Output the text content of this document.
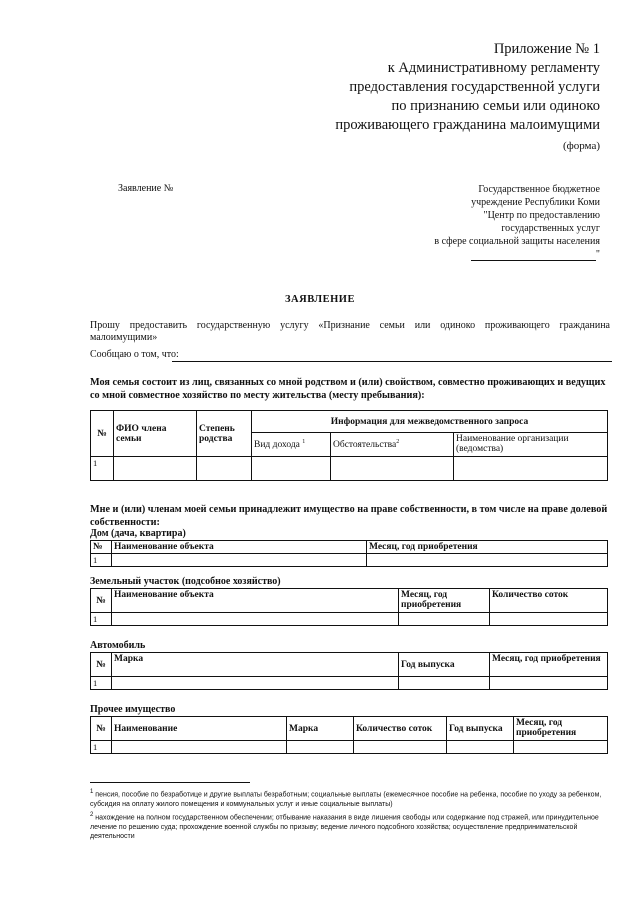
Приложение № 1
к Административному регламенту
предоставления государственной услуги
по признанию семьи или одиноко
проживающего гражданина малоимущими
(форма)
Заявление №	Государственное бюджетное
учреждение Республики Коми
"Центр по предоставлению
государственных услуг
в сфере социальной защиты населения
"
ЗАЯВЛЕНИЕ
Прошу предоставить государственную услугу «Признание семьи или одиноко проживающего гражданина малоимущими»
Сообщаю о том, что:
Моя семья состоит из лиц, связанных со мной родством и (или) свойством, совместно проживающих и ведущих со мной совместное хозяйство по месту жительства (месту пребывания):
№	ФИО члена семьи	Степень родства	Информация для межведомственного запроса		
			Вид дохода $^1$	Обстоятельства$^2$	Наименование организации (ведомства)
1					
Мне и (или) членам моей семьи принадлежит имущество на праве собственности, в том числе на праве долевой собственности:
Дом (дача, квартира)
№	Наименование объекта	Месяц, год приобретения
1		
Земельный участок (подсобное хозяйство)
№	Наименование объекта	Месяц, год приобретения	Количество соток
1			
Автомобиль
№	Марка	Год выпуска	Месяц, год приобретения
1			
Прочее имущество
№	Наименование	Марка	Количество соток	Год выпуска	Месяц, год приобретения
1					
$^1$ пенсия, пособие по безработице и другие выплаты безработным; социальные выплаты (ежемесячное пособие на ребенка, пособие по уходу за ребенком, субсидия на оплату жилого помещения и коммунальных услуг и иные социальные выплаты)
$^2$ нахождение на полном государственном обеспечении; отбывание наказания в виде лишения свободы или содержание под стражей, или принудительное лечение по решению суда; прохождение военной службы по призыву; ведение личного подсобного хозяйства; осуществление предпринимательской деятельности
